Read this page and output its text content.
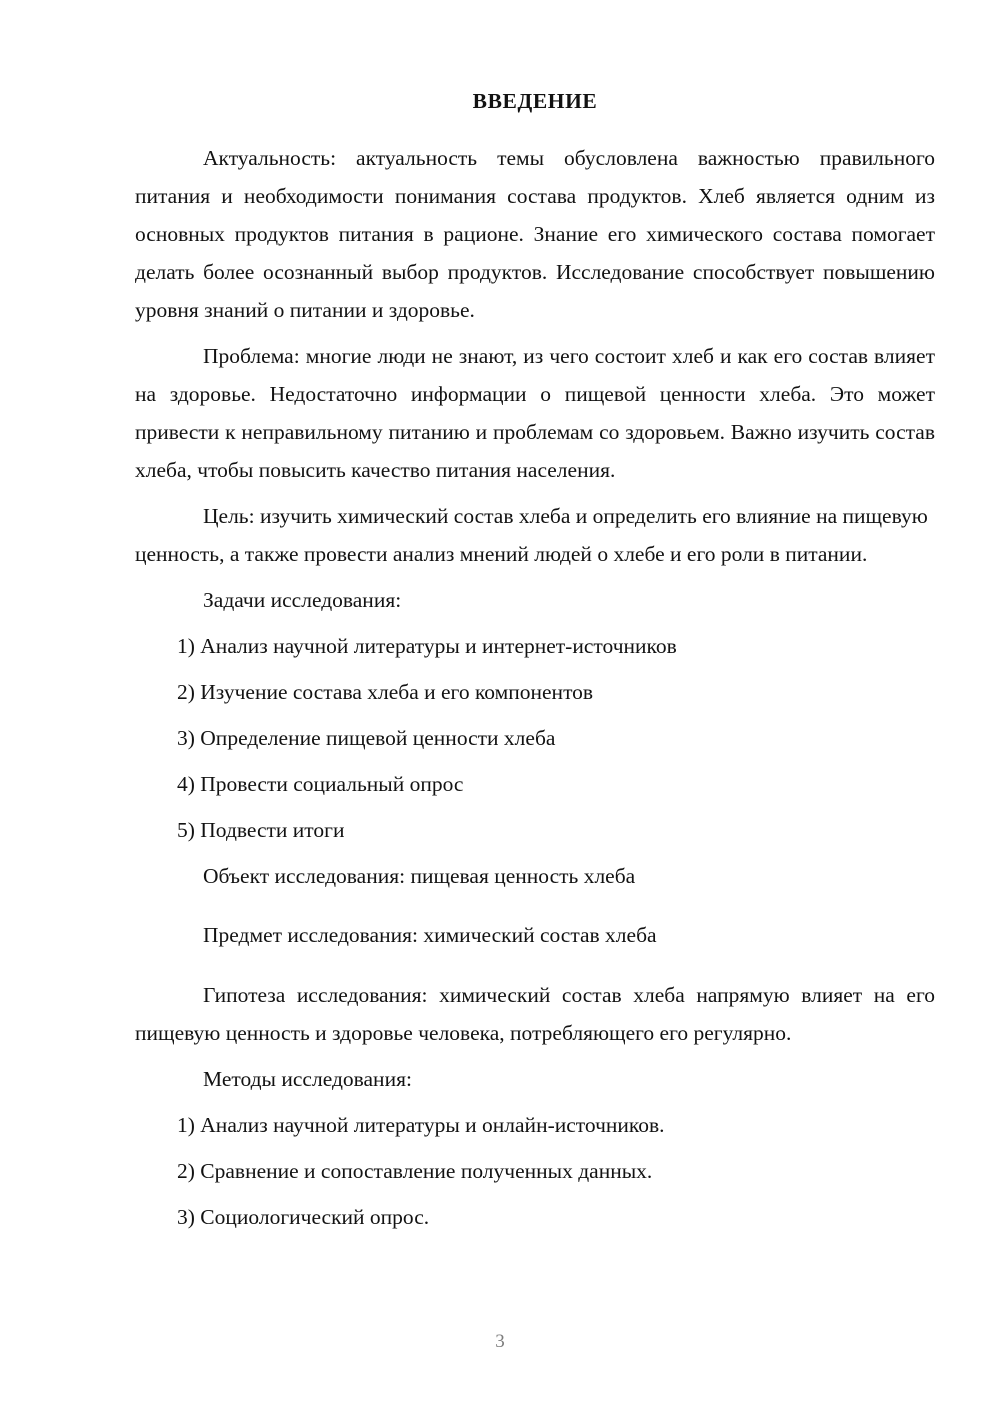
ВВЕДЕНИЕ

Актуальность: актуальность темы обусловлена важностью правильного питания и необходимости понимания состава продуктов. Хлеб является одним из основных продуктов питания в рационе. Знание его химического состава помогает делать более осознанный выбор продуктов. Исследование способствует повышению уровня знаний о питании и здоровье.

Проблема: многие люди не знают, из чего состоит хлеб и как его состав влияет на здоровье. Недостаточно информации о пищевой ценности хлеба. Это может привести к неправильному питанию и проблемам со здоровьем. Важно изучить состав хлеба, чтобы повысить качество питания населения.

Цель: изучить химический состав хлеба и определить его влияние на пищевую ценность, а также провести анализ мнений людей о хлебе и его роли в питании.

Задачи исследования:

1) Анализ научной литературы и интернет-источников
2) Изучение состава хлеба и его компонентов
3) Определение пищевой ценности хлеба
4) Провести социальный опрос
5) Подвести итоги

Объект исследования: пищевая ценность хлеба

Предмет исследования: химический состав хлеба

Гипотеза исследования: химический состав хлеба напрямую влияет на его пищевую ценность и здоровье человека, потребляющего его регулярно.

Методы исследования:

1) Анализ научной литературы и онлайн-источников.
2) Сравнение и сопоставление полученных данных.
3) Социологический опрос.
3
